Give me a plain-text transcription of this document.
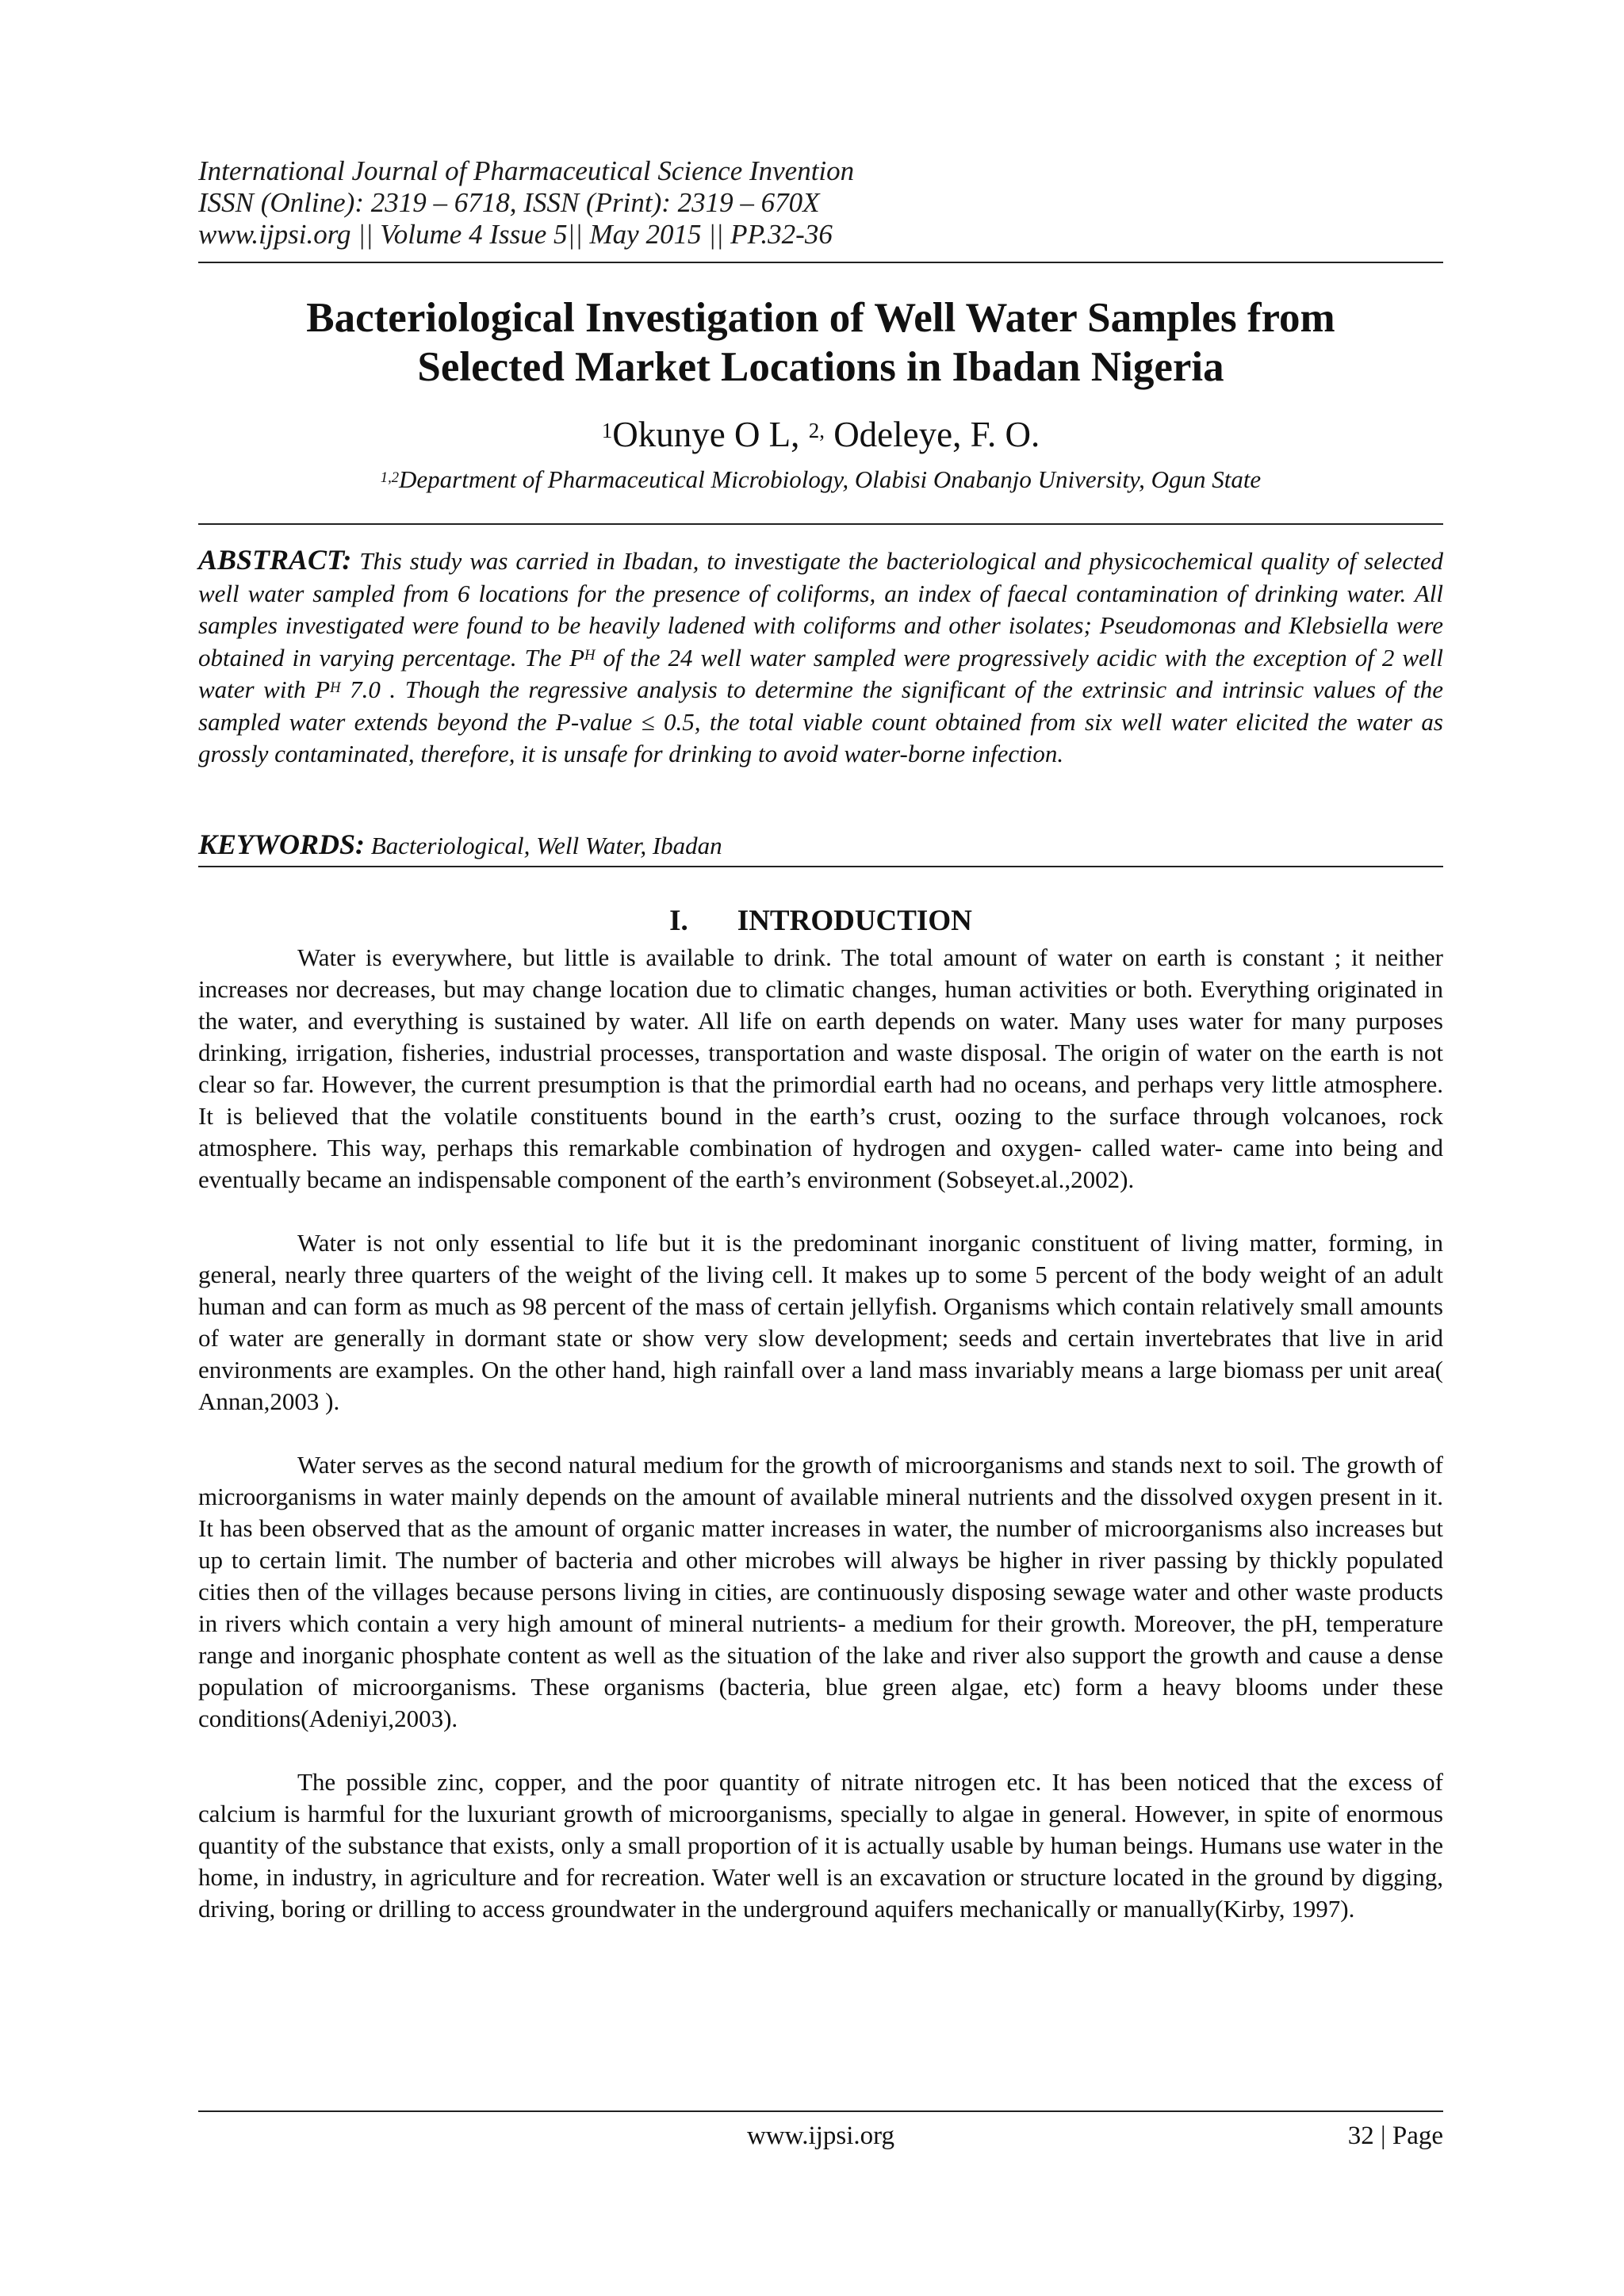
International Journal of Pharmaceutical Science Invention
ISSN (Online): 2319 – 6718, ISSN (Print): 2319 – 670X
www.ijpsi.org || Volume 4 Issue 5|| May 2015 || PP.32-36
Bacteriological Investigation of Well Water Samples from
Selected Market Locations in Ibadan Nigeria
$^1$Okunye O L, $^{2,}$ Odeleye, F. O.
$^{1,2}$Department of Pharmaceutical Microbiology, Olabisi Onabanjo University, Ogun State
ABSTRACT: This study was carried in Ibadan, to investigate the bacteriological and physicochemical quality of selected well water sampled from 6 locations for the presence of coliforms, an index of faecal contamination of drinking water. All samples investigated were found to be heavily ladened with coliforms and other isolates; Pseudomonas and Klebsiella were obtained in varying percentage. The $P^H$ of the 24 well water sampled were progressively acidic with the exception of 2 well water with $P^H$ 7.0 . Though the regressive analysis to determine the significant of the extrinsic and intrinsic values of the sampled water extends beyond the P-value ≤ 0.5, the total viable count obtained from six well water elicited the water as grossly contaminated, therefore, it is unsafe for drinking to avoid water-borne infection.
KEYWORDS: Bacteriological, Well Water, Ibadan
I. INTRODUCTION

Water is everywhere, but little is available to drink. The total amount of water on earth is constant ; it neither increases nor decreases, but may change location due to climatic changes, human activities or both. Everything originated in the water, and everything is sustained by water. All life on earth depends on water. Many uses water for many purposes drinking, irrigation, fisheries, industrial processes, transportation and waste disposal. The origin of water on the earth is not clear so far. However, the current presumption is that the primordial earth had no oceans, and perhaps very little atmosphere. It is believed that the volatile constituents bound in the earth’s crust, oozing to the surface through volcanoes, rock atmosphere. This way, perhaps this remarkable combination of hydrogen and oxygen- called water- came into being and eventually became an indispensable component of the earth’s environment (Sobseyet.al.,2002).

Water is not only essential to life but it is the predominant inorganic constituent of living matter, forming, in general, nearly three quarters of the weight of the living cell. It makes up to some 5 percent of the body weight of an adult human and can form as much as 98 percent of the mass of certain jellyfish. Organisms which contain relatively small amounts of water are generally in dormant state or show very slow development; seeds and certain invertebrates that live in arid environments are examples. On the other hand, high rainfall over a land mass invariably means a large biomass per unit area( Annan,2003 ).

Water serves as the second natural medium for the growth of microorganisms and stands next to soil. The growth of microorganisms in water mainly depends on the amount of available mineral nutrients and the dissolved oxygen present in it. It has been observed that as the amount of organic matter increases in water, the number of microorganisms also increases but up to certain limit. The number of bacteria and other microbes will always be higher in river passing by thickly populated cities then of the villages because persons living in cities, are continuously disposing sewage water and other waste products in rivers which contain a very high amount of mineral nutrients- a medium for their growth. Moreover, the pH, temperature range and inorganic phosphate content as well as the situation of the lake and river also support the growth and cause a dense population of microorganisms. These organisms (bacteria, blue green algae, etc) form a heavy blooms under these conditions(Adeniyi,2003).

The possible zinc, copper, and the poor quantity of nitrate nitrogen etc. It has been noticed that the excess of calcium is harmful for the luxuriant growth of microorganisms, specially to algae in general. However, in spite of enormous quantity of the substance that exists, only a small proportion of it is actually usable by human beings. Humans use water in the home, in industry, in agriculture and for recreation. Water well is an excavation or structure located in the ground by digging, driving, boring or drilling to access groundwater in the underground aquifers mechanically or manually(Kirby, 1997).

www.ijpsi.org	32 | Page
